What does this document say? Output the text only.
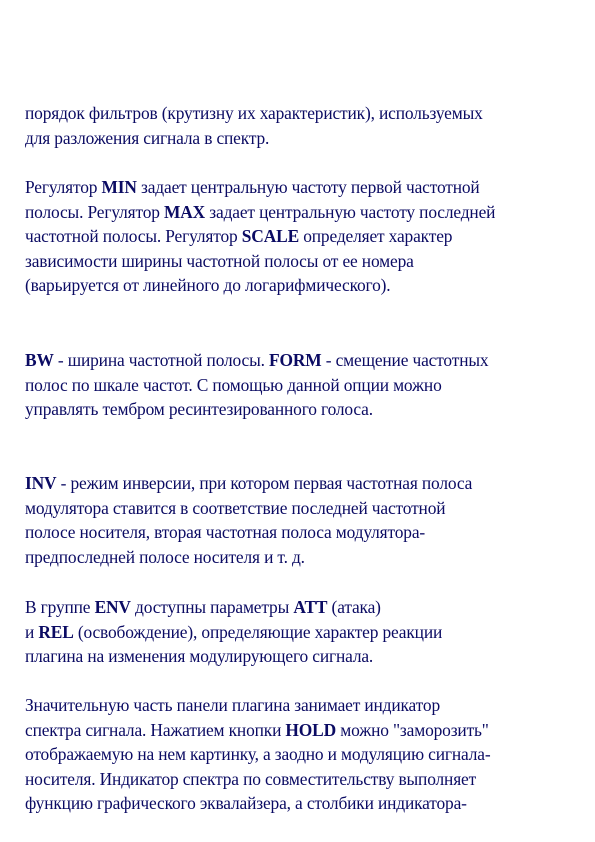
порядок фильтров (крутизну их характеристик), используемых
для разложения сигнала в спектр.

Регулятор MIN задает центральную частоту первой частотной
полосы. Регулятор MAX задает центральную частоту последней
частотной полосы. Регулятор SCALE определяет характер
зависимости ширины частотной полосы от ее номера
(варьируется от линейного до логарифмического).

BW - ширина частотной полосы. FORM - смещение частотных
полос по шкале частот. С помощью данной опции можно
управлять тембром ресинтезированного голоса.

INV - режим инверсии, при котором первая частотная полоса
модулятора ставится в соответствие последней частотной
полосе носителя, вторая частотная полоса модулятора-
предпоследней полосе носителя и т. д.

В группе ENV доступны параметры ATT (атака)
и REL (освобождение), определяющие характер реакции
плагина на изменения модулирующего сигнала.

Значительную часть панели плагина занимает индикатор
спектра сигнала. Нажатием кнопки HOLD можно "заморозить"
отображаемую на нем картинку, а заодно и модуляцию сигнала-
носителя. Индикатор спектра по совместительству выполняет
функцию графического эквалайзера, а столбики индикатора-
